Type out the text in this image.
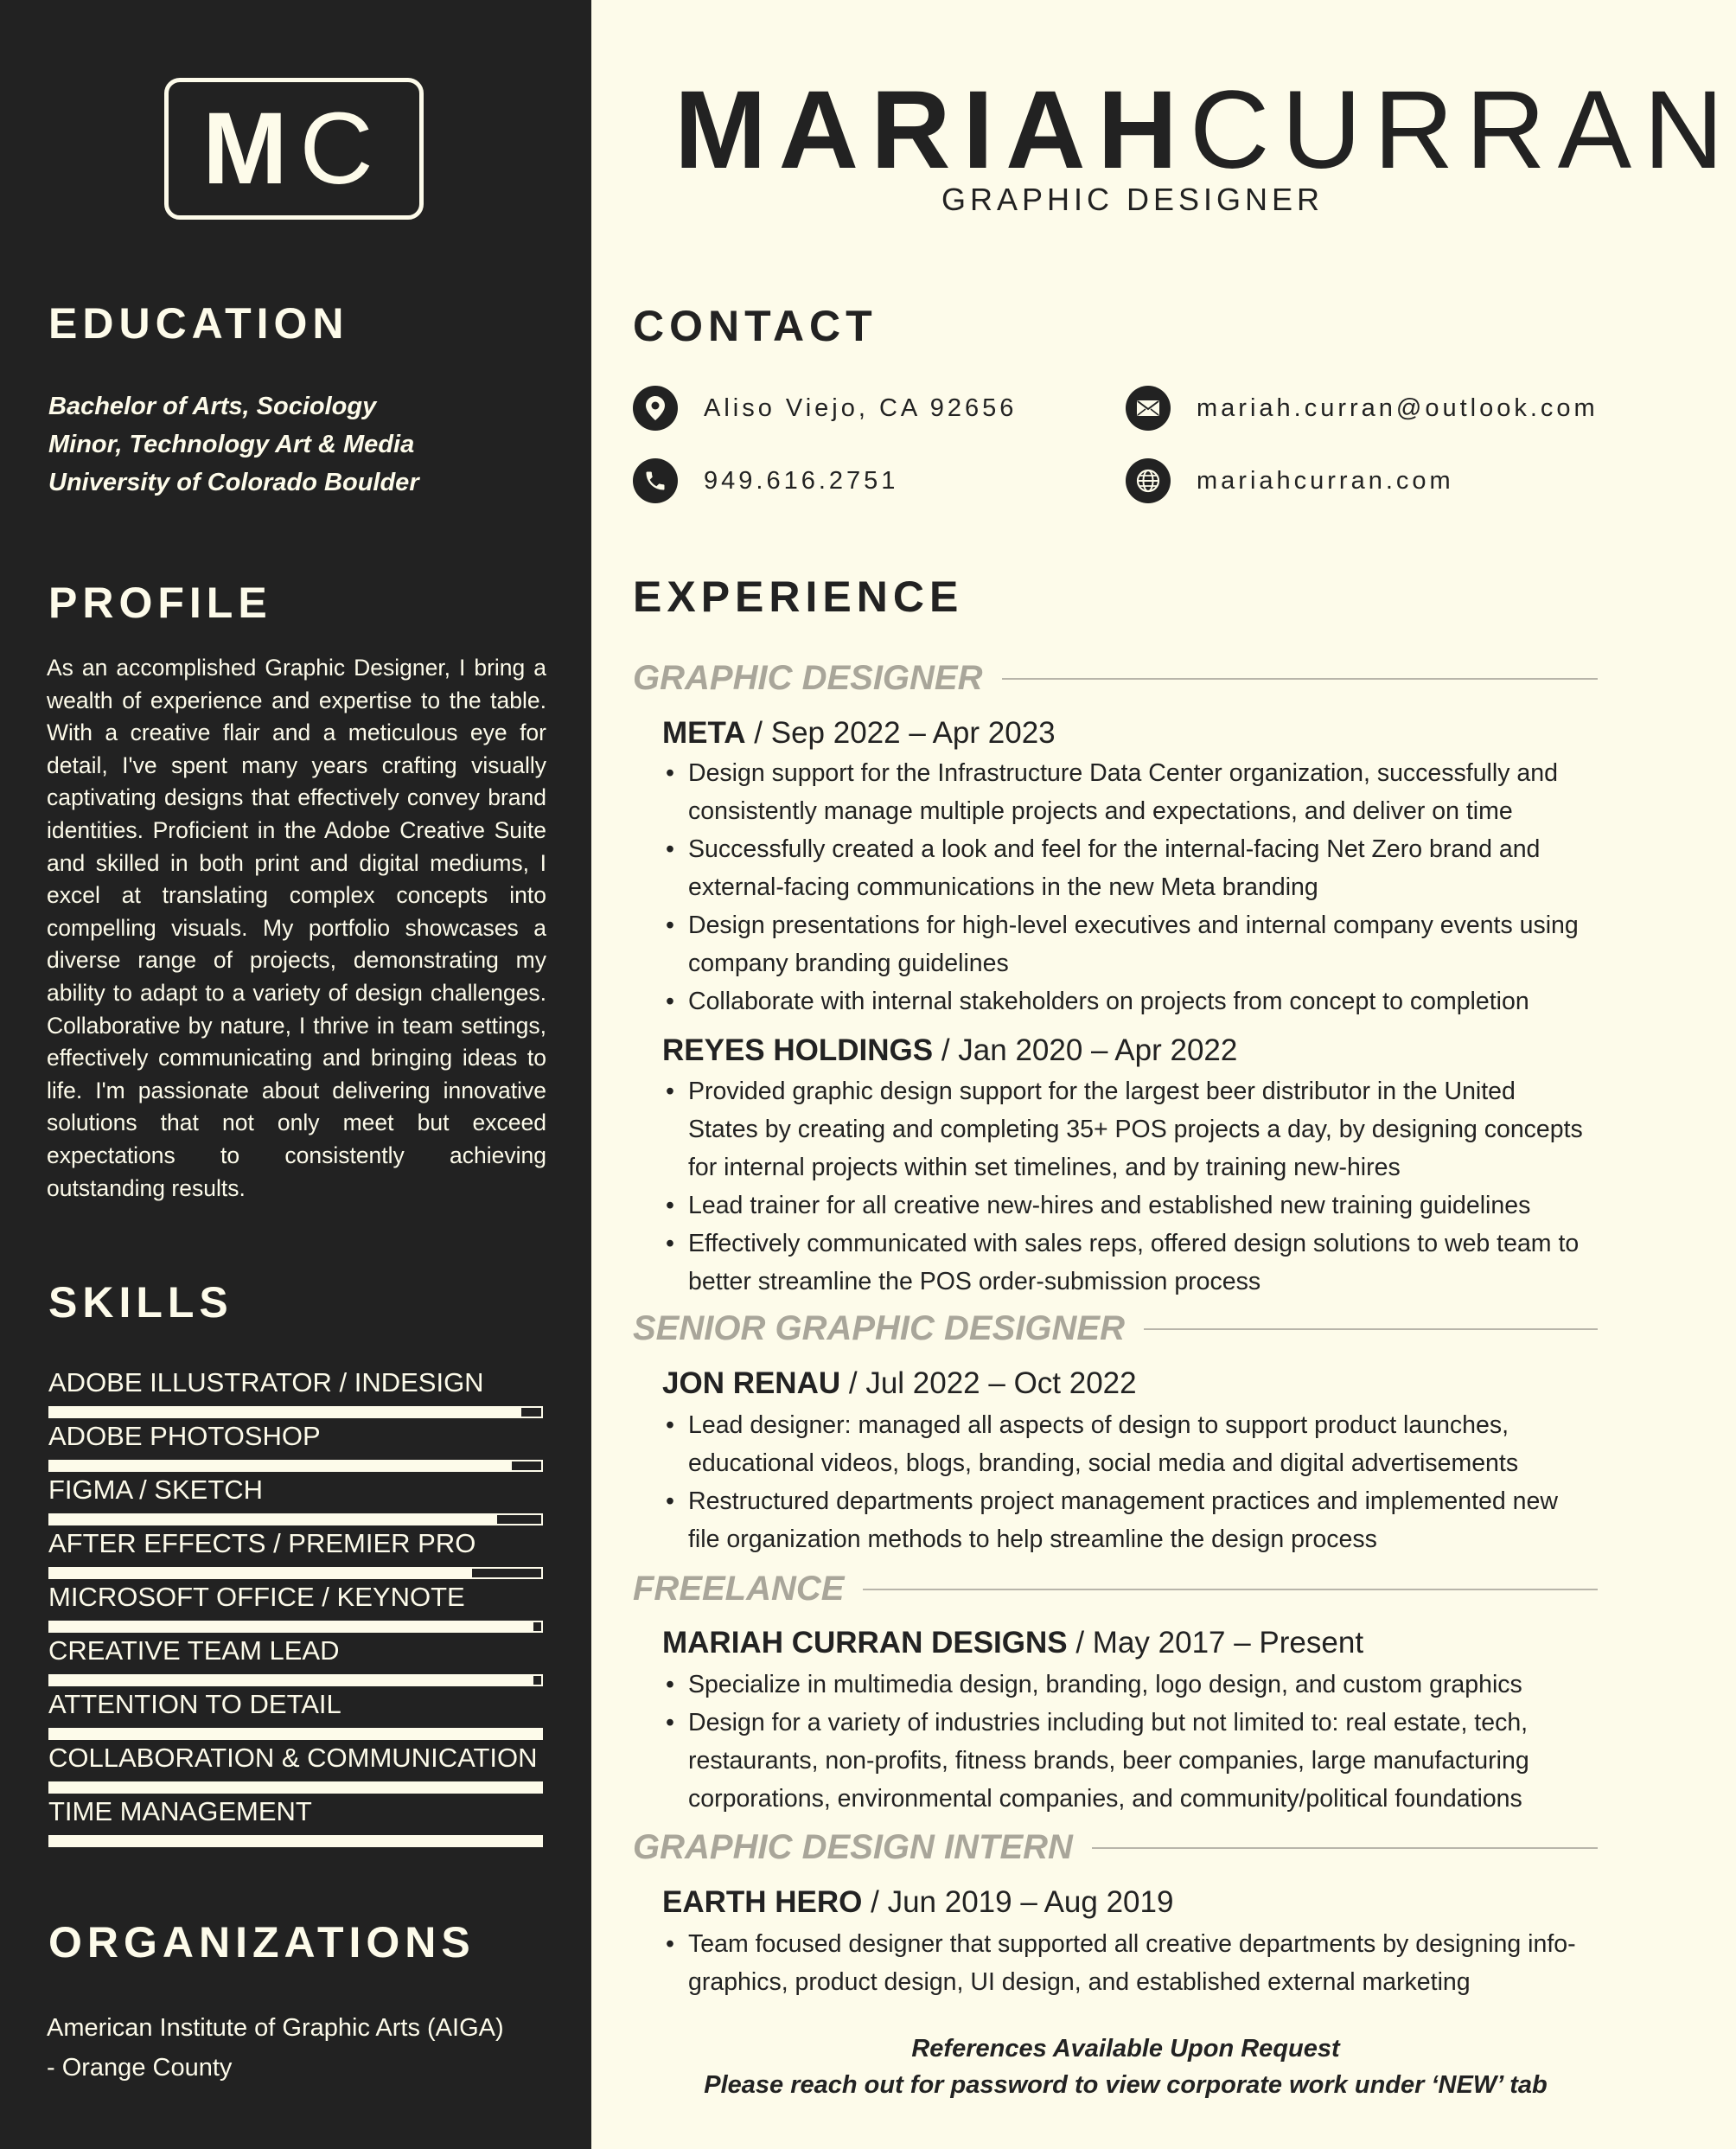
M C
EDUCATION
Bachelor of Arts, Sociology
Minor, Technology Art & Media
University of Colorado Boulder
PROFILE
As an accomplished Graphic Designer, I bring a wealth of experience and expertise to the table. With a creative flair and a meticulous eye for detail, I've spent many years crafting visually captivating designs that effectively convey brand identities. Proficient in the Adobe Creative Suite and skilled in both print and digital mediums, I excel at translating complex concepts into compelling visuals. My portfolio showcases a diverse range of projects, demonstrating my ability to adapt to a variety of design challenges. Collaborative by nature, I thrive in team settings, effectively communicating and bringing ideas to life. I'm passionate about delivering innovative solutions that not only meet but exceed expectations to consistently achieving outstanding results.
SKILLS
ADOBE ILLUSTRATOR / INDESIGN
ADOBE PHOTOSHOP
FIGMA / SKETCH
AFTER EFFECTS / PREMIER PRO
MICROSOFT OFFICE / KEYNOTE
CREATIVE TEAM LEAD
ATTENTION TO DETAIL
COLLABORATION & COMMUNICATION
TIME MANAGEMENT
ORGANIZATIONS
American Institute of Graphic Arts (AIGA)
- Orange County
MARIAHCURRAN
GRAPHIC DESIGNER
CONTACT
Aliso Viejo, CA 92656	mariah.curran@outlook.com
949.616.2751	mariahcurran.com
EXPERIENCE
GRAPHIC DESIGNER
META / Sep 2022 – Apr 2023
• Design support for the Infrastructure Data Center organization, successfully and consistently manage multiple projects and expectations, and deliver on time
• Successfully created a look and feel for the internal-facing Net Zero brand and external-facing communications in the new Meta branding
• Design presentations for high-level executives and internal company events using company branding guidelines
• Collaborate with internal stakeholders on projects from concept to completion
REYES HOLDINGS / Jan 2020 – Apr 2022
• Provided graphic design support for the largest beer distributor in the United States by creating and completing 35+ POS projects a day, by designing concepts for internal projects within set timelines, and by training new-hires
• Lead trainer for all creative new-hires and established new training guidelines
• Effectively communicated with sales reps, offered design solutions to web team to better streamline the POS order-submission process
SENIOR GRAPHIC DESIGNER
JON RENAU / Jul 2022 – Oct 2022
• Lead designer: managed all aspects of design to support product launches, educational videos, blogs, branding, social media and digital advertisements
• Restructured departments project management practices and implemented new file organization methods to help streamline the design process
FREELANCE
MARIAH CURRAN DESIGNS / May 2017 – Present
• Specialize in multimedia design, branding, logo design, and custom graphics
• Design for a variety of industries including but not limited to: real estate, tech, restaurants, non-profits, fitness brands, beer companies, large manufacturing corporations, environmental companies, and community/political foundations
GRAPHIC DESIGN INTERN
EARTH HERO / Jun 2019 – Aug 2019
• Team focused designer that supported all creative departments by designing info-graphics, product design, UI design, and established external marketing
References Available Upon Request
Please reach out for password to view corporate work under ‘NEW’ tab
